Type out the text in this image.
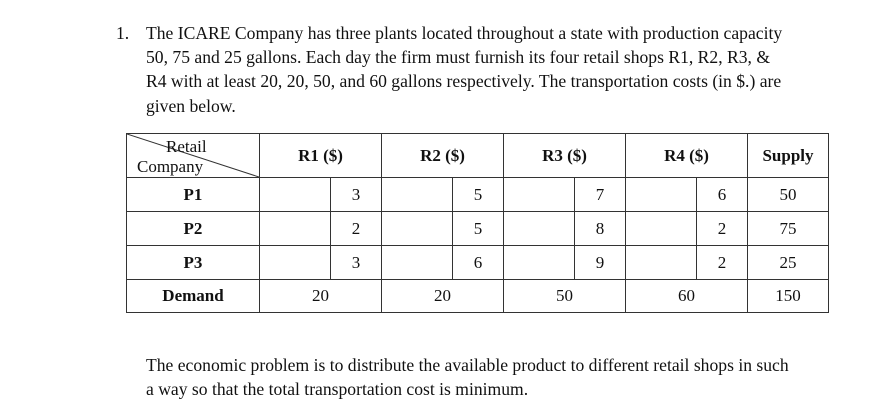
1. The ICARE Company has three plants located throughout a state with production capacity
50, 75 and 25 gallons. Each day the firm must furnish its four retail shops R1, R2, R3, &
R4 with at least 20, 20, 50, and 60 gallons respectively. The transportation costs (in $.) are
given below.
Retail
Company	R1 ($)		R2 ($)		R3 ($)		R4 ($)		Supply
P1		3		5		7		6	50
P2		2		5		8		2	75
P3		3		6		9		2	25
Demand	20		20		50		60		150
The economic problem is to distribute the available product to different retail shops in such
a way so that the total transportation cost is minimum.
